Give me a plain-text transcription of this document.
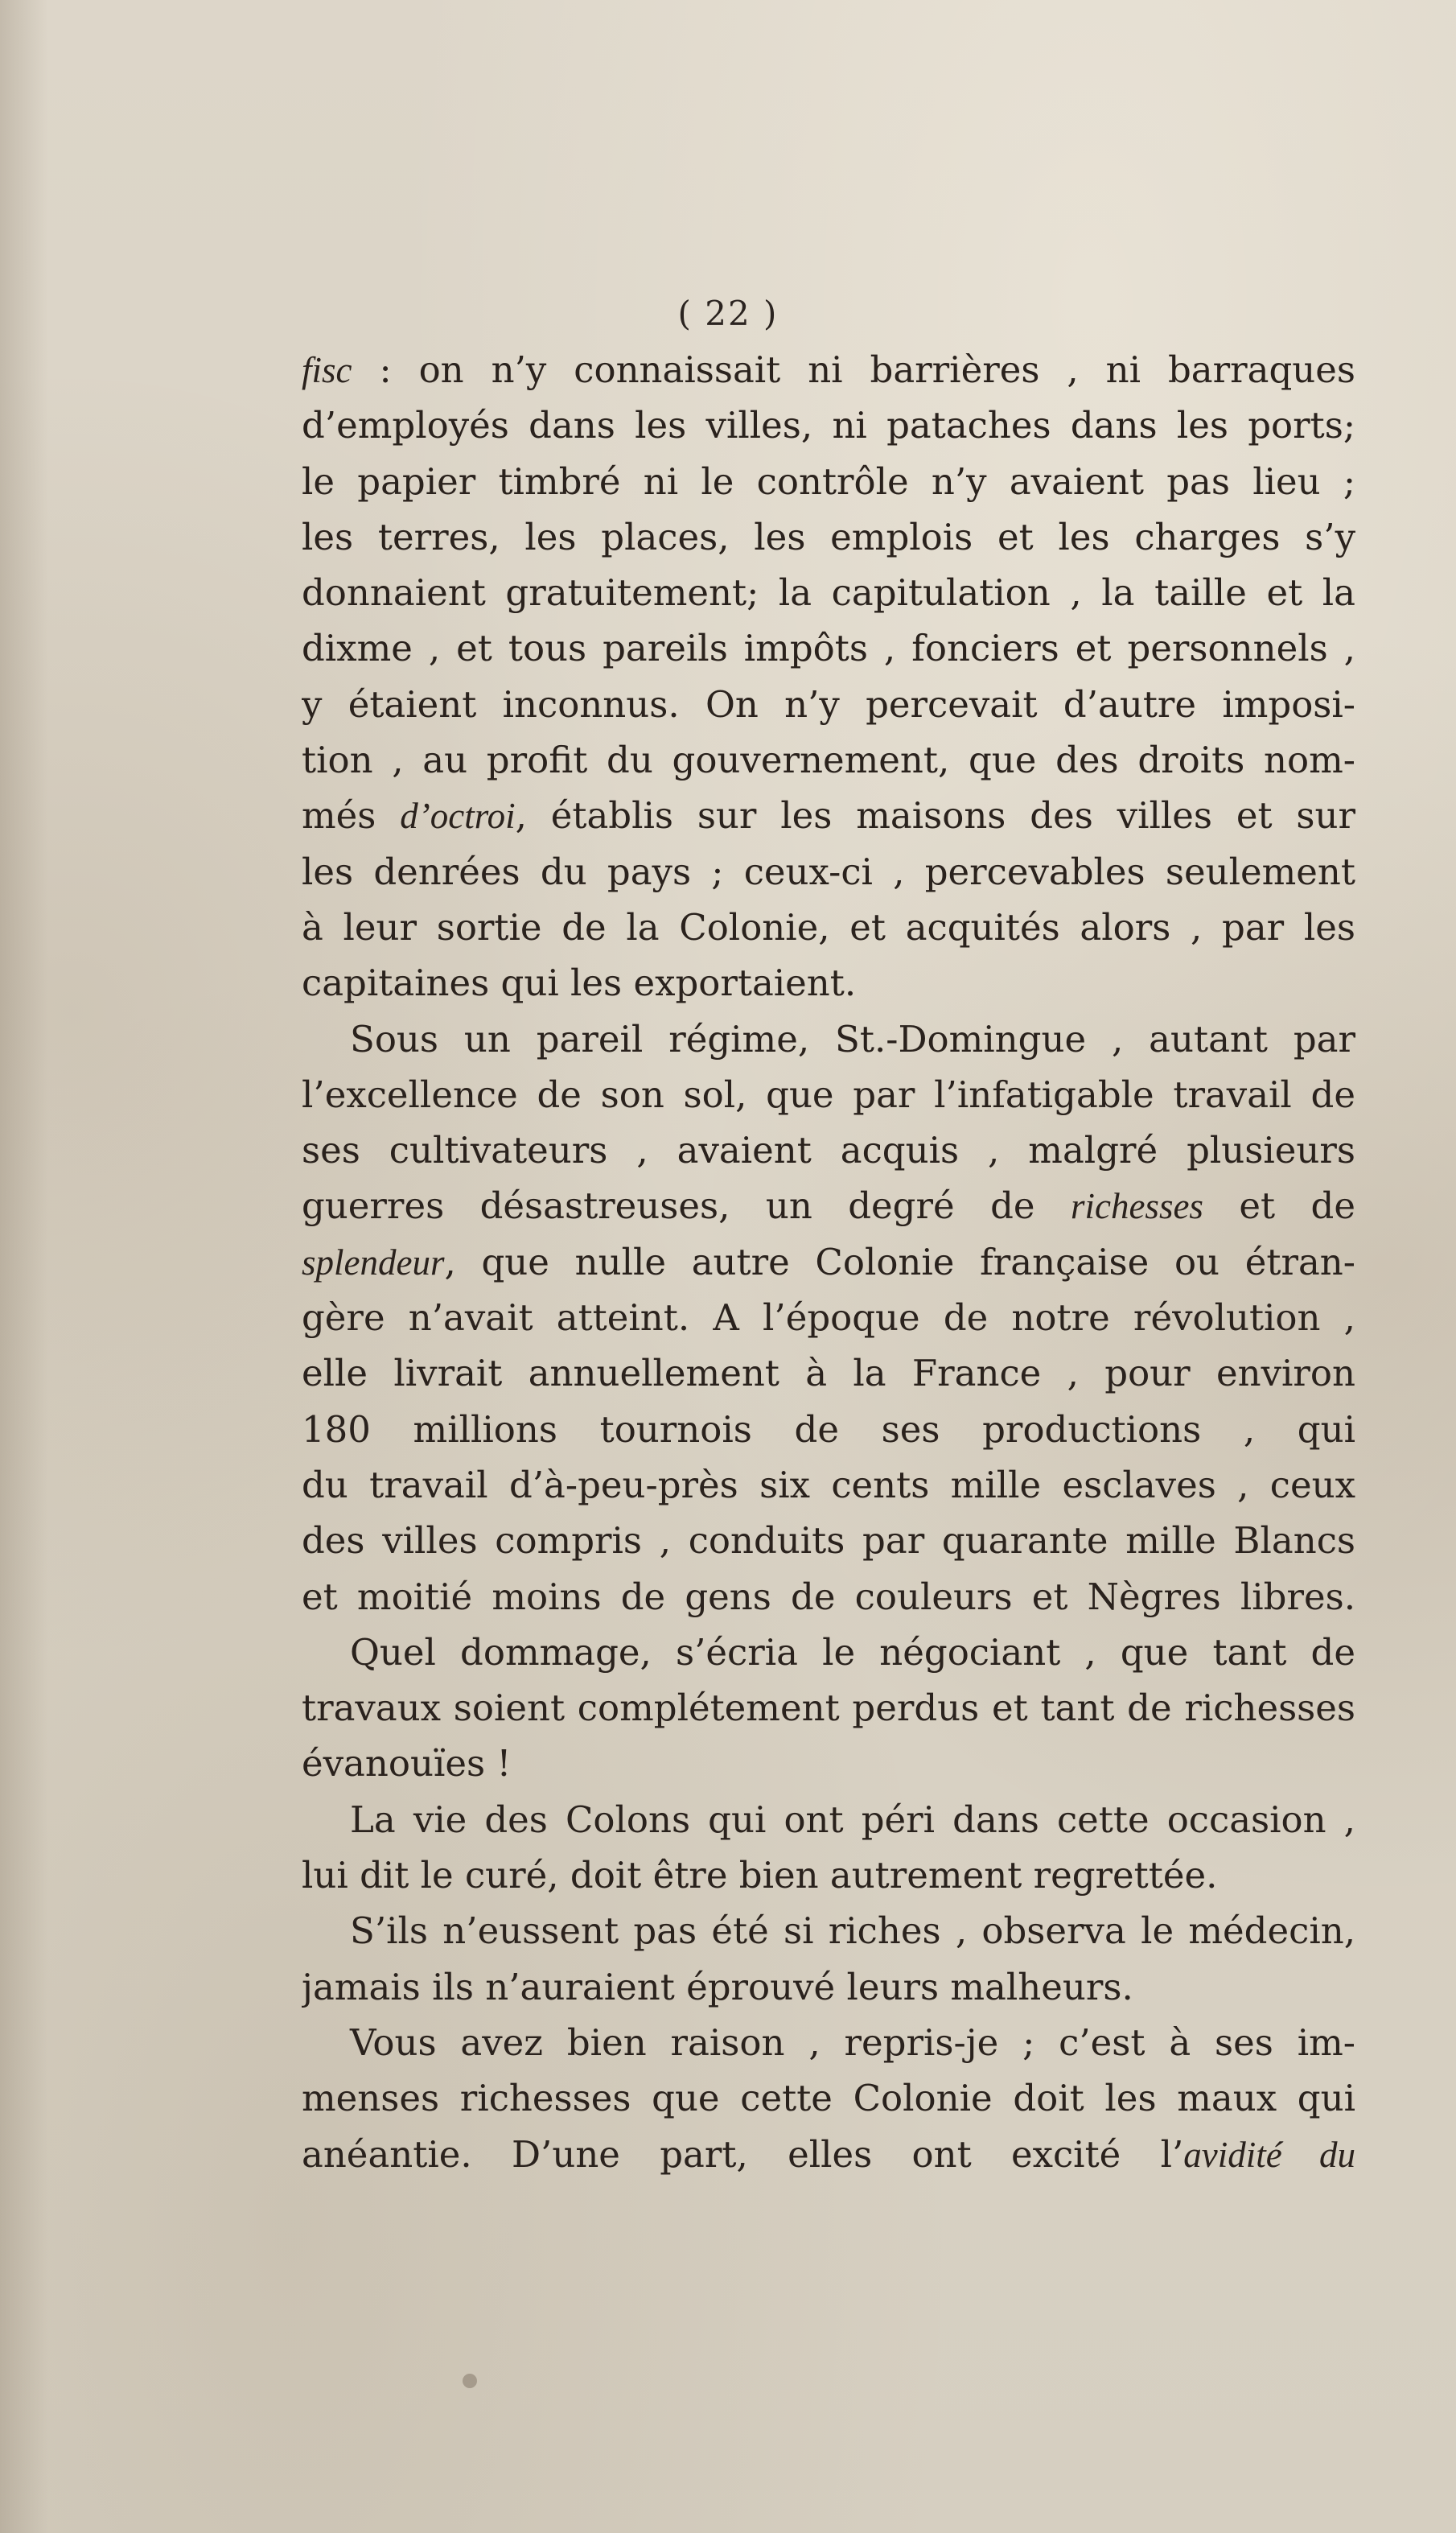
( 22 )
fisc : on n’y connaissait ni barrières , ni barraques
d’employés dans les villes, ni pataches dans les ports;
le papier timbré ni le contrôle n’y avaient pas lieu ;
les terres, les places, les emplois et les charges s’y
donnaient gratuitement; la capitulation , la taille et la
dixme , et tous pareils impôts , fonciers et personnels ,
y étaient inconnus. On n’y percevait d’autre imposi-
tion , au profit du gouvernement, que des droits nom-
més d’octroi, établis sur les maisons des villes et sur
les denrées du pays ; ceux-ci , percevables seulement
à leur sortie de la Colonie, et acquités alors , par les
capitaines qui les exportaient.
Sous un pareil régime, St.-Domingue , autant par
l’excellence de son sol, que par l’infatigable travail de
ses cultivateurs , avaient acquis , malgré plusieurs
guerres désastreuses, un degré de richesses et de
splendeur, que nulle autre Colonie française ou étran-
gère n’avait atteint. A l’époque de notre révolution ,
elle livrait annuellement à la France , pour environ
180 millions tournois de ses productions , qui
du travail d’à-peu-près six cents mille esclaves , ceux
des villes compris , conduits par quarante mille Blancs
et moitié moins de gens de couleurs et Nègres libres.
Quel dommage, s’écria le négociant , que tant de
travaux soient complétement perdus et tant de richesses
évanouïes !
La vie des Colons qui ont péri dans cette occasion ,
lui dit le curé, doit être bien autrement regrettée.
S’ils n’eussent pas été si riches , observa le médecin,
jamais ils n’auraient éprouvé leurs malheurs.
Vous avez bien raison , repris-je ; c’est à ses im-
menses richesses que cette Colonie doit les maux qui
anéantie. D’une part, elles ont excité l’avidité du
